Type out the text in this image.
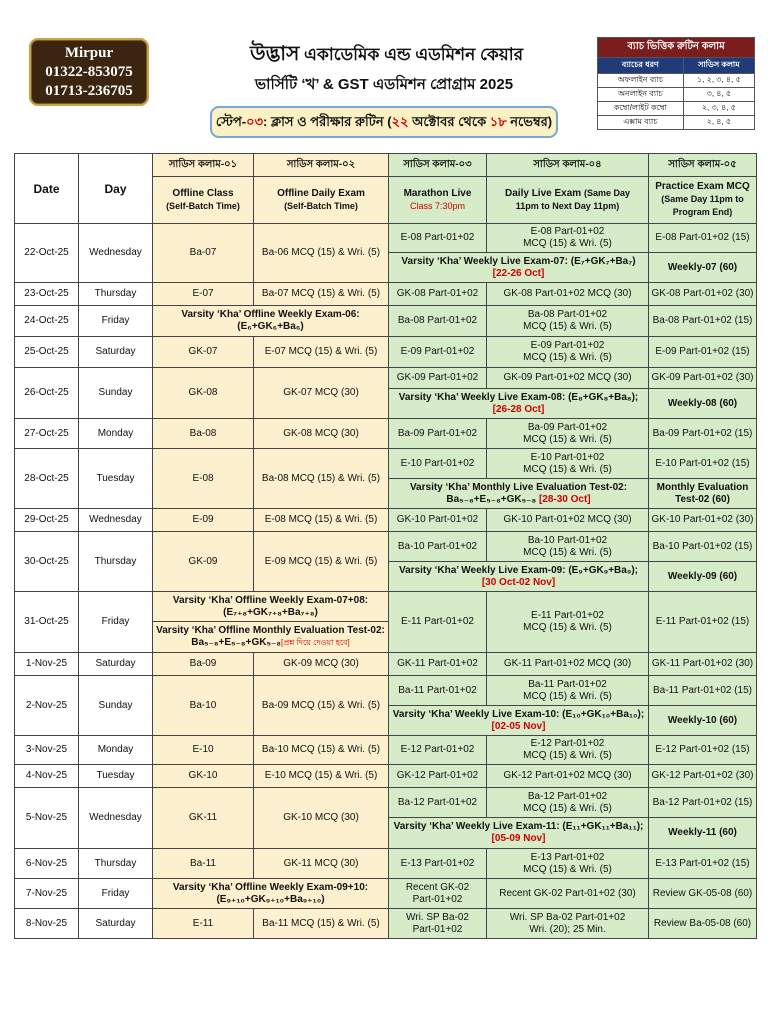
Mirpur
01322-853075
01713-236705
উদ্ভাস একাডেমিক এন্ড এডমিশন কেয়ার
ভার্সিটি ‘খ’ & GST এডমিশন প্রোগ্রাম 2025
স্টেপ-০৩: ক্লাস ও পরীক্ষার রুটিন (২২ অক্টোবর থেকে ১৮ নভেম্বর)
ব্যাচ ভিত্তিক রুটিন কলাম	
ব্যাচের ধরণ	সাডিস কলাম
অফলাইন ব্যাচ	১, ২, ৩, ৪, ৫
অনলাইন ব্যাচ	৩, ৪, ৫
কম্বো/লাইট কম্বো	২, ৩, ৪, ৫
এক্সাম ব্যাচ	২, ৪, ৫
Date	Day	সাডিস কলাম-০১	সাডিস কলাম-০২	সাডিস কলাম-০৩	সাডিস কলাম-০৪	সাডিস কলাম-০৫
		Offline Class
(Self-Batch Time)	Offline Daily Exam
(Self-Batch Time)	Marathon Live
Class 7:30pm	Daily Live Exam (Same Day
11pm to Next Day 11pm)	Practice Exam MCQ
(Same Day 11pm to
Program End)
22-Oct-25	Wednesday	Ba-07	Ba-06 MCQ (15) & Wri. (5)	E-08 Part-01+02	E-08 Part-01+02
MCQ (15) & Wri. (5)	E-08 Part-01+02 (15)
				Varsity ‘Kha’ Weekly Live Exam-07: (E₇+GK₇+Ba₇)
[22-26 Oct]		Weekly-07 (60)
23-Oct-25	Thursday	E-07	Ba-07 MCQ (15) & Wri. (5)	GK-08 Part-01+02	GK-08 Part-01+02 MCQ (30)	GK-08 Part-01+02 (30)
24-Oct-25	Friday	Varsity ‘Kha’ Offline Weekly Exam-06:
(E₆+GK₆+Ba₆)		Ba-08 Part-01+02	Ba-08 Part-01+02
MCQ (15) & Wri. (5)	Ba-08 Part-01+02 (15)
25-Oct-25	Saturday	GK-07	E-07 MCQ (15) & Wri. (5)	E-09 Part-01+02	E-09 Part-01+02
MCQ (15) & Wri. (5)	E-09 Part-01+02 (15)
26-Oct-25	Sunday	GK-08	GK-07 MCQ (30)	GK-09 Part-01+02	GK-09 Part-01+02 MCQ (30)	GK-09 Part-01+02 (30)
				Varsity ‘Kha’ Weekly Live Exam-08: (E₈+GK₈+Ba₈);
[26-28 Oct]		Weekly-08 (60)
27-Oct-25	Monday	Ba-08	GK-08 MCQ (30)	Ba-09 Part-01+02	Ba-09 Part-01+02
MCQ (15) & Wri. (5)	Ba-09 Part-01+02 (15)
28-Oct-25	Tuesday	E-08	Ba-08 MCQ (15) & Wri. (5)	E-10 Part-01+02	E-10 Part-01+02
MCQ (15) & Wri. (5)	E-10 Part-01+02 (15)
				Varsity ‘Kha’ Monthly Live Evaluation Test-02:
Ba₅₋₈+E₅₋₈+GK₅₋₈ [28-30 Oct]		Monthly Evaluation
Test-02 (60)
29-Oct-25	Wednesday	E-09	E-08 MCQ (15) & Wri. (5)	GK-10 Part-01+02	GK-10 Part-01+02 MCQ (30)	GK-10 Part-01+02 (30)
30-Oct-25	Thursday	GK-09	E-09 MCQ (15) & Wri. (5)	Ba-10 Part-01+02	Ba-10 Part-01+02
MCQ (15) & Wri. (5)	Ba-10 Part-01+02 (15)
				Varsity ‘Kha’ Weekly Live Exam-09: (E₉+GK₉+Ba₉);
[30 Oct-02 Nov]		Weekly-09 (60)
31-Oct-25	Friday	Varsity ‘Kha’ Offline Weekly Exam-07+08:
(E₇₊₈+GK₇₊₈+Ba₇₊₈)		E-11 Part-01+02	E-11 Part-01+02
MCQ (15) & Wri. (5)	E-11 Part-01+02 (15)
		Varsity ‘Kha’ Offline Monthly Evaluation Test-02:
Ba₅₋₈+E₅₋₈+GK₅₋₈[প্রশ্ন দিয়ে দেওয়া হবে]				
1-Nov-25	Saturday	Ba-09	GK-09 MCQ (30)	GK-11 Part-01+02	GK-11 Part-01+02 MCQ (30)	GK-11 Part-01+02 (30)
2-Nov-25	Sunday	Ba-10	Ba-09 MCQ (15) & Wri. (5)	Ba-11 Part-01+02	Ba-11 Part-01+02
MCQ (15) & Wri. (5)	Ba-11 Part-01+02 (15)
				Varsity ‘Kha’ Weekly Live Exam-10: (E₁₀+GK₁₀+Ba₁₀);
[02-05 Nov]		Weekly-10 (60)
3-Nov-25	Monday	E-10	Ba-10 MCQ (15) & Wri. (5)	E-12 Part-01+02	E-12 Part-01+02
MCQ (15) & Wri. (5)	E-12 Part-01+02 (15)
4-Nov-25	Tuesday	GK-10	E-10 MCQ (15) & Wri. (5)	GK-12 Part-01+02	GK-12 Part-01+02 MCQ (30)	GK-12 Part-01+02 (30)
5-Nov-25	Wednesday	GK-11	GK-10 MCQ (30)	Ba-12 Part-01+02	Ba-12 Part-01+02
MCQ (15) & Wri. (5)	Ba-12 Part-01+02 (15)
				Varsity ‘Kha’ Weekly Live Exam-11: (E₁₁+GK₁₁+Ba₁₁);
[05-09 Nov]		Weekly-11 (60)
6-Nov-25	Thursday	Ba-11	GK-11 MCQ (30)	E-13 Part-01+02	E-13 Part-01+02
MCQ (15) & Wri. (5)	E-13 Part-01+02 (15)
7-Nov-25	Friday	Varsity ‘Kha’ Offline Weekly Exam-09+10:
(E₉₊₁₀+GK₉₊₁₀+Ba₉₊₁₀)		Recent GK-02
Part-01+02	Recent GK-02 Part-01+02 (30)	Review GK-05-08 (60)
8-Nov-25	Saturday	E-11	Ba-11 MCQ (15) & Wri. (5)	Wri. SP Ba-02
Part-01+02	Wri. SP Ba-02 Part-01+02
Wri. (20); 25 Min.	Review Ba-05-08 (60)
